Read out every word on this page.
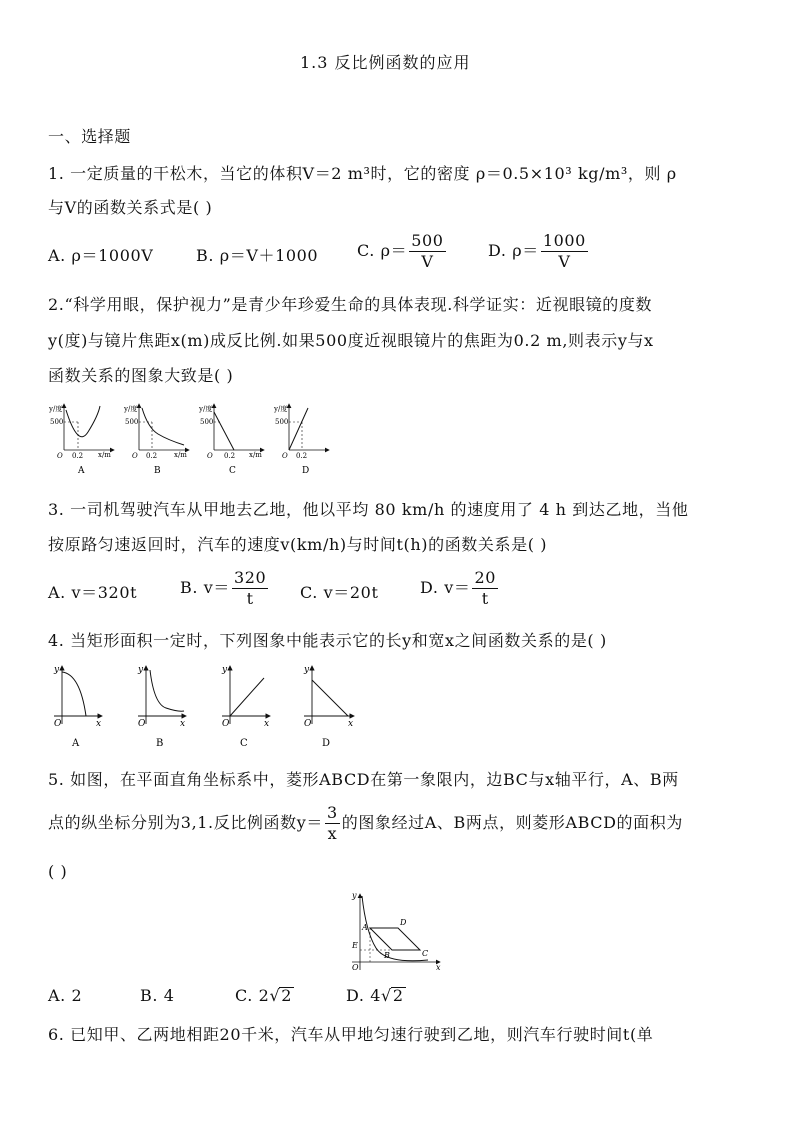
1.3 反比例函数的应用
一、选择题
1. 一定质量的干松木，当它的体积V＝2 m³时，它的密度 ρ＝0.5×10³ kg/m³，则 ρ
与V的函数关系式是( )
A. ρ＝1000V	B. ρ＝V＋1000 C. $\rho= \frac{500}{V}$	D. $\rho= \frac{1000}{V}$
2.“科学用眼，保护视力”是青少年珍爱生命的具体表现.科学证实：近视眼镜的度数
y(度)与镜片焦距x(m)成反比例.如果500度近视眼镜片的焦距为0.2 m,则表示y与x
函数关系的图象大致是( )
y/度
500
O 0.2 x/m
A
y/度
500
O 0.2 x/m
B
y/度
500
O 0.2 x/m
C
y/度
500
O 0.2
D
3. 一司机驾驶汽车从甲地去乙地，他以平均 80 km/h 的速度用了 4 h 到达乙地，当他
按原路匀速返回时，汽车的速度v(km/h)与时间t(h)的函数关系是( )
A. v＝320t	B. $v= \frac{320}{t} C$. v＝20t	D. $v= \frac{20}{t}$
4. 当矩形面积一定时，下列图象中能表示它的长y和宽x之间函数关系的是( )
y
O	x
A
y
O	x
B
y
O	x
C
y
O	x
D
5. 如图，在平面直角坐标系中，菱形ABCD在第一象限内，边BC与x轴平行，A、B两
点的纵坐标分别为3,1.反比例函数$y= \frac{3}{x}$ 的图象经过A、B两点，则菱形ABCD的面积为
( )
y
x
O
A
B	C
D
E
A. 2	B. 4	C. 2√2	D. 4√2
6. 已知甲、乙两地相距20千米，汽车从甲地匀速行驶到乙地，则汽车行驶时间t(单
